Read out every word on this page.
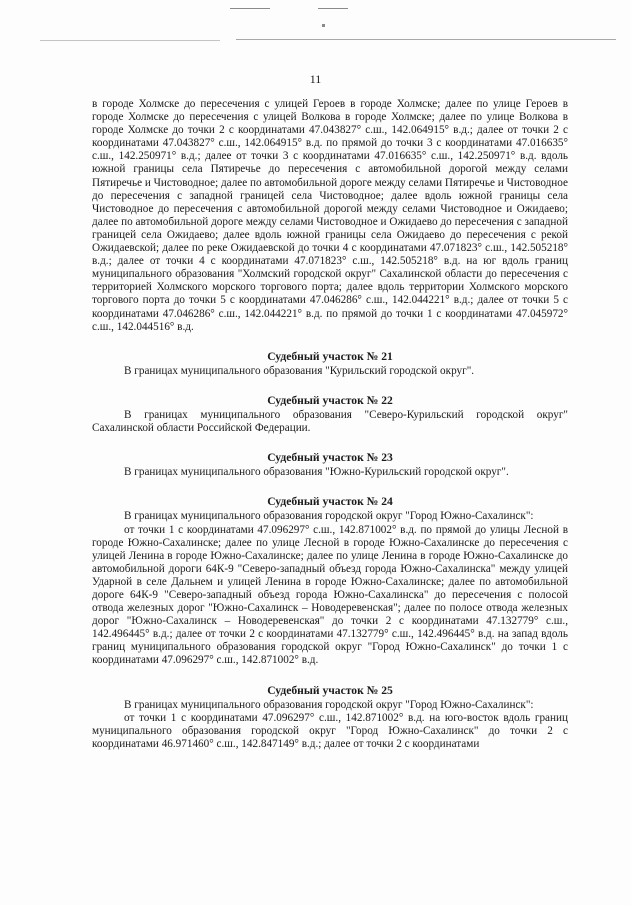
11

в городе Холмске до пересечения с улицей Героев в городе Холмске; далее по улице Героев в городе Холмске до пересечения с улицей Волкова в городе Холмске; далее по улице Волкова в городе Холмске до точки 2 с координатами 47.043827° с.ш., 142.064915° в.д.; далее от точки 2 с координатами 47.043827° с.ш., 142.064915° в.д. по прямой до точки 3 с координатами 47.016635° с.ш., 142.250971° в.д.; далее от точки 3 с координатами 47.016635° с.ш., 142.250971° в.д. вдоль южной границы села Пятиречье до пересечения с автомобильной дорогой между селами Пятиречье и Чистоводное; далее по автомобильной дороге между селами Пятиречье и Чистоводное до пересечения с западной границей села Чистоводное; далее вдоль южной границы села Чистоводное до пересечения с автомобильной дорогой между селами Чистоводное и Ожидаево; далее по автомобильной дороге между селами Чистоводное и Ожидаево до пересечения с западной границей села Ожидаево; далее вдоль южной границы села Ожидаево до пересечения с рекой Ожидаевской; далее по реке Ожидаевской до точки 4 с координатами 47.071823° с.ш., 142.505218° в.д.; далее от точки 4 с координатами 47.071823° с.ш., 142.505218° в.д. на юг вдоль границ муниципального образования "Холмский городской округ" Сахалинской области до пересечения с территорией Холмского морского торгового порта; далее вдоль территории Холмского морского торгового порта до точки 5 с координатами 47.046286° с.ш., 142.044221° в.д.; далее от точки 5 с координатами 47.046286° с.ш., 142.044221° в.д. по прямой до точки 1 с координатами 47.045972° с.ш., 142.044516° в.д.

Судебный участок № 21

В границах муниципального образования "Курильский городской округ".

Судебный участок № 22

В границах муниципального образования "Северо-Курильский городской округ" Сахалинской области Российской Федерации.

Судебный участок № 23

В границах муниципального образования "Южно-Курильский городской округ".

Судебный участок № 24

В границах муниципального образования городской округ "Город Южно-Сахалинск":

от точки 1 с координатами 47.096297° с.ш., 142.871002° в.д. по прямой до улицы Лесной в городе Южно-Сахалинске; далее по улице Лесной в городе Южно-Сахалинске до пересечения с улицей Ленина в городе Южно-Сахалинске; далее по улице Ленина в городе Южно-Сахалинске до автомобильной дороги 64К-9 "Северо-западный объезд города Южно-Сахалинска" между улицей Ударной в селе Дальнем и улицей Ленина в городе Южно-Сахалинске; далее по автомобильной дороге 64К-9 "Северо-западный объезд города Южно-Сахалинска" до пересечения с полосой отвода железных дорог "Южно-Сахалинск – Новодеревенская"; далее по полосе отвода железных дорог "Южно-Сахалинск – Новодеревенская" до точки 2 с координатами 47.132779° с.ш., 142.496445° в.д.; далее от точки 2 с координатами 47.132779° с.ш., 142.496445° в.д. на запад вдоль границ муниципального образования городской округ "Город Южно-Сахалинск" до точки 1 с координатами 47.096297° с.ш., 142.871002° в.д.

Судебный участок № 25

В границах муниципального образования городской округ "Город Южно-Сахалинск":

от точки 1 с координатами 47.096297° с.ш., 142.871002° в.д. на юго-восток вдоль границ муниципального образования городской округ "Город Южно-Сахалинск" до точки 2 с координатами 46.971460° с.ш., 142.847149° в.д.; далее от точки 2 с координатами
